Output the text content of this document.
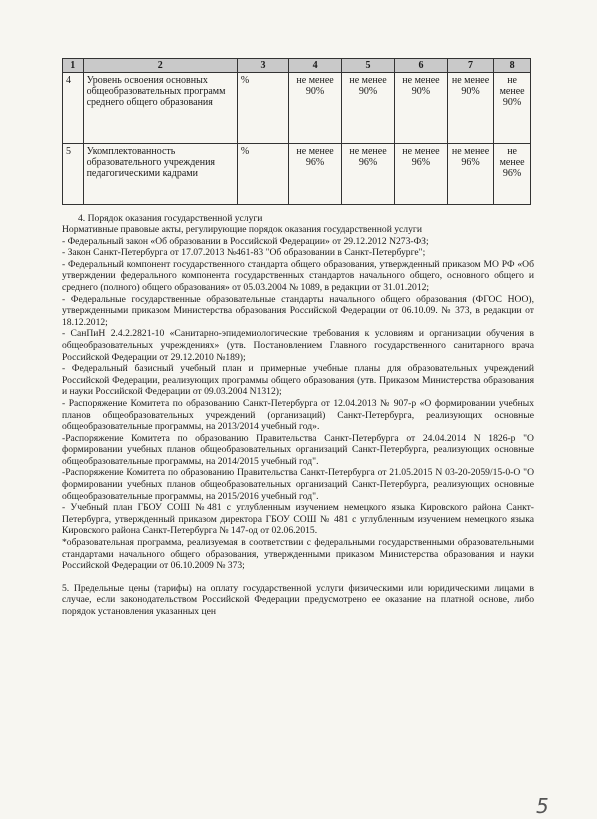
1	2	3	4	5	6	7	8
4	Уровень освоения основных общеобразовательных программ среднего общего образования	%	не менее 90%	не менее 90%	не менее 90%	не менее 90%	не менее 90%
5	Укомплектованность образовательного учреждения педагогическими кадрами	%	не менее 96%	не менее 96%	не менее 96%	не менее 96%	не менее 96%
4. Порядок оказания государственной услуги

Нормативные правовые акты, регулирующие порядок оказания государственной услуги

- Федеральный закон «Об образовании в Российской Федерации» от 29.12.2012 N273-ФЗ;

- Закон Санкт-Петербурга от 17.07.2013 №461-83 "Об образовании в Санкт-Петербурге";

- Федеральный компонент государственного стандарта общего образования, утвержденный приказом МО РФ «Об утверждении федерального компонента государственных стандартов начального общего, основного общего и среднего (полного) общего образования» от 05.03.2004 № 1089, в редакции от 31.01.2012;

- Федеральные государственные образовательные стандарты начального общего образования (ФГОС НОО), утвержденными приказом Министерства образования Российской Федерации от 06.10.09. № 373, в редакции от 18.12.2012;

- СанПиН 2.4.2.2821-10 «Санитарно-эпидемиологические требования к условиям и организации обучения в общеобразовательных учреждениях» (утв. Постановлением Главного государственного санитарного врача Российской Федерации от 29.12.2010 №189);

- Федеральный базисный учебный план и примерные учебные планы для образовательных учреждений Российской Федерации, реализующих программы общего образования (утв. Приказом Министерства образования и науки Российской Федерации от 09.03.2004 N1312);

- Распоряжение Комитета по образованию Санкт-Петербурга от 12.04.2013 № 907-р «О формировании учебных планов общеобразовательных учреждений (организаций) Санкт-Петербурга, реализующих основные общеобразовательные программы, на 2013/2014 учебный год».

-Распоряжение Комитета по образованию Правительства Санкт-Петербурга от 24.04.2014 N 1826-р "О формировании учебных планов общеобразовательных организаций Санкт-Петербурга, реализующих основные общеобразовательные программы, на 2014/2015 учебный год".

-Распоряжение Комитета по образованию Правительства Санкт-Петербурга от 21.05.2015 N 03-20-2059/15-0-О "О формировании учебных планов общеобразовательных организаций Санкт-Петербурга, реализующих основные общеобразовательные программы, на 2015/2016 учебный год".

- Учебный план ГБОУ СОШ №481 с углубленным изучением немецкого языка Кировского района Санкт-Петербурга, утвержденный приказом директора ГБОУ СОШ № 481 с углубленным изучением немецкого языка Кировского района Санкт-Петербурга № 147-од от 02.06.2015.

*образовательная программа, реализуемая в соответствии с федеральными государственными образовательными стандартами начального общего образования, утвержденными приказом Министерства образования и науки Российской Федерации от 06.10.2009 № 373;

5. Предельные цены (тарифы) на оплату государственной услуги физическими или юридическими лицами в случае, если законодательством Российской Федерации предусмотрено ее оказание на платной основе, либо порядок установления указанных цен

5
